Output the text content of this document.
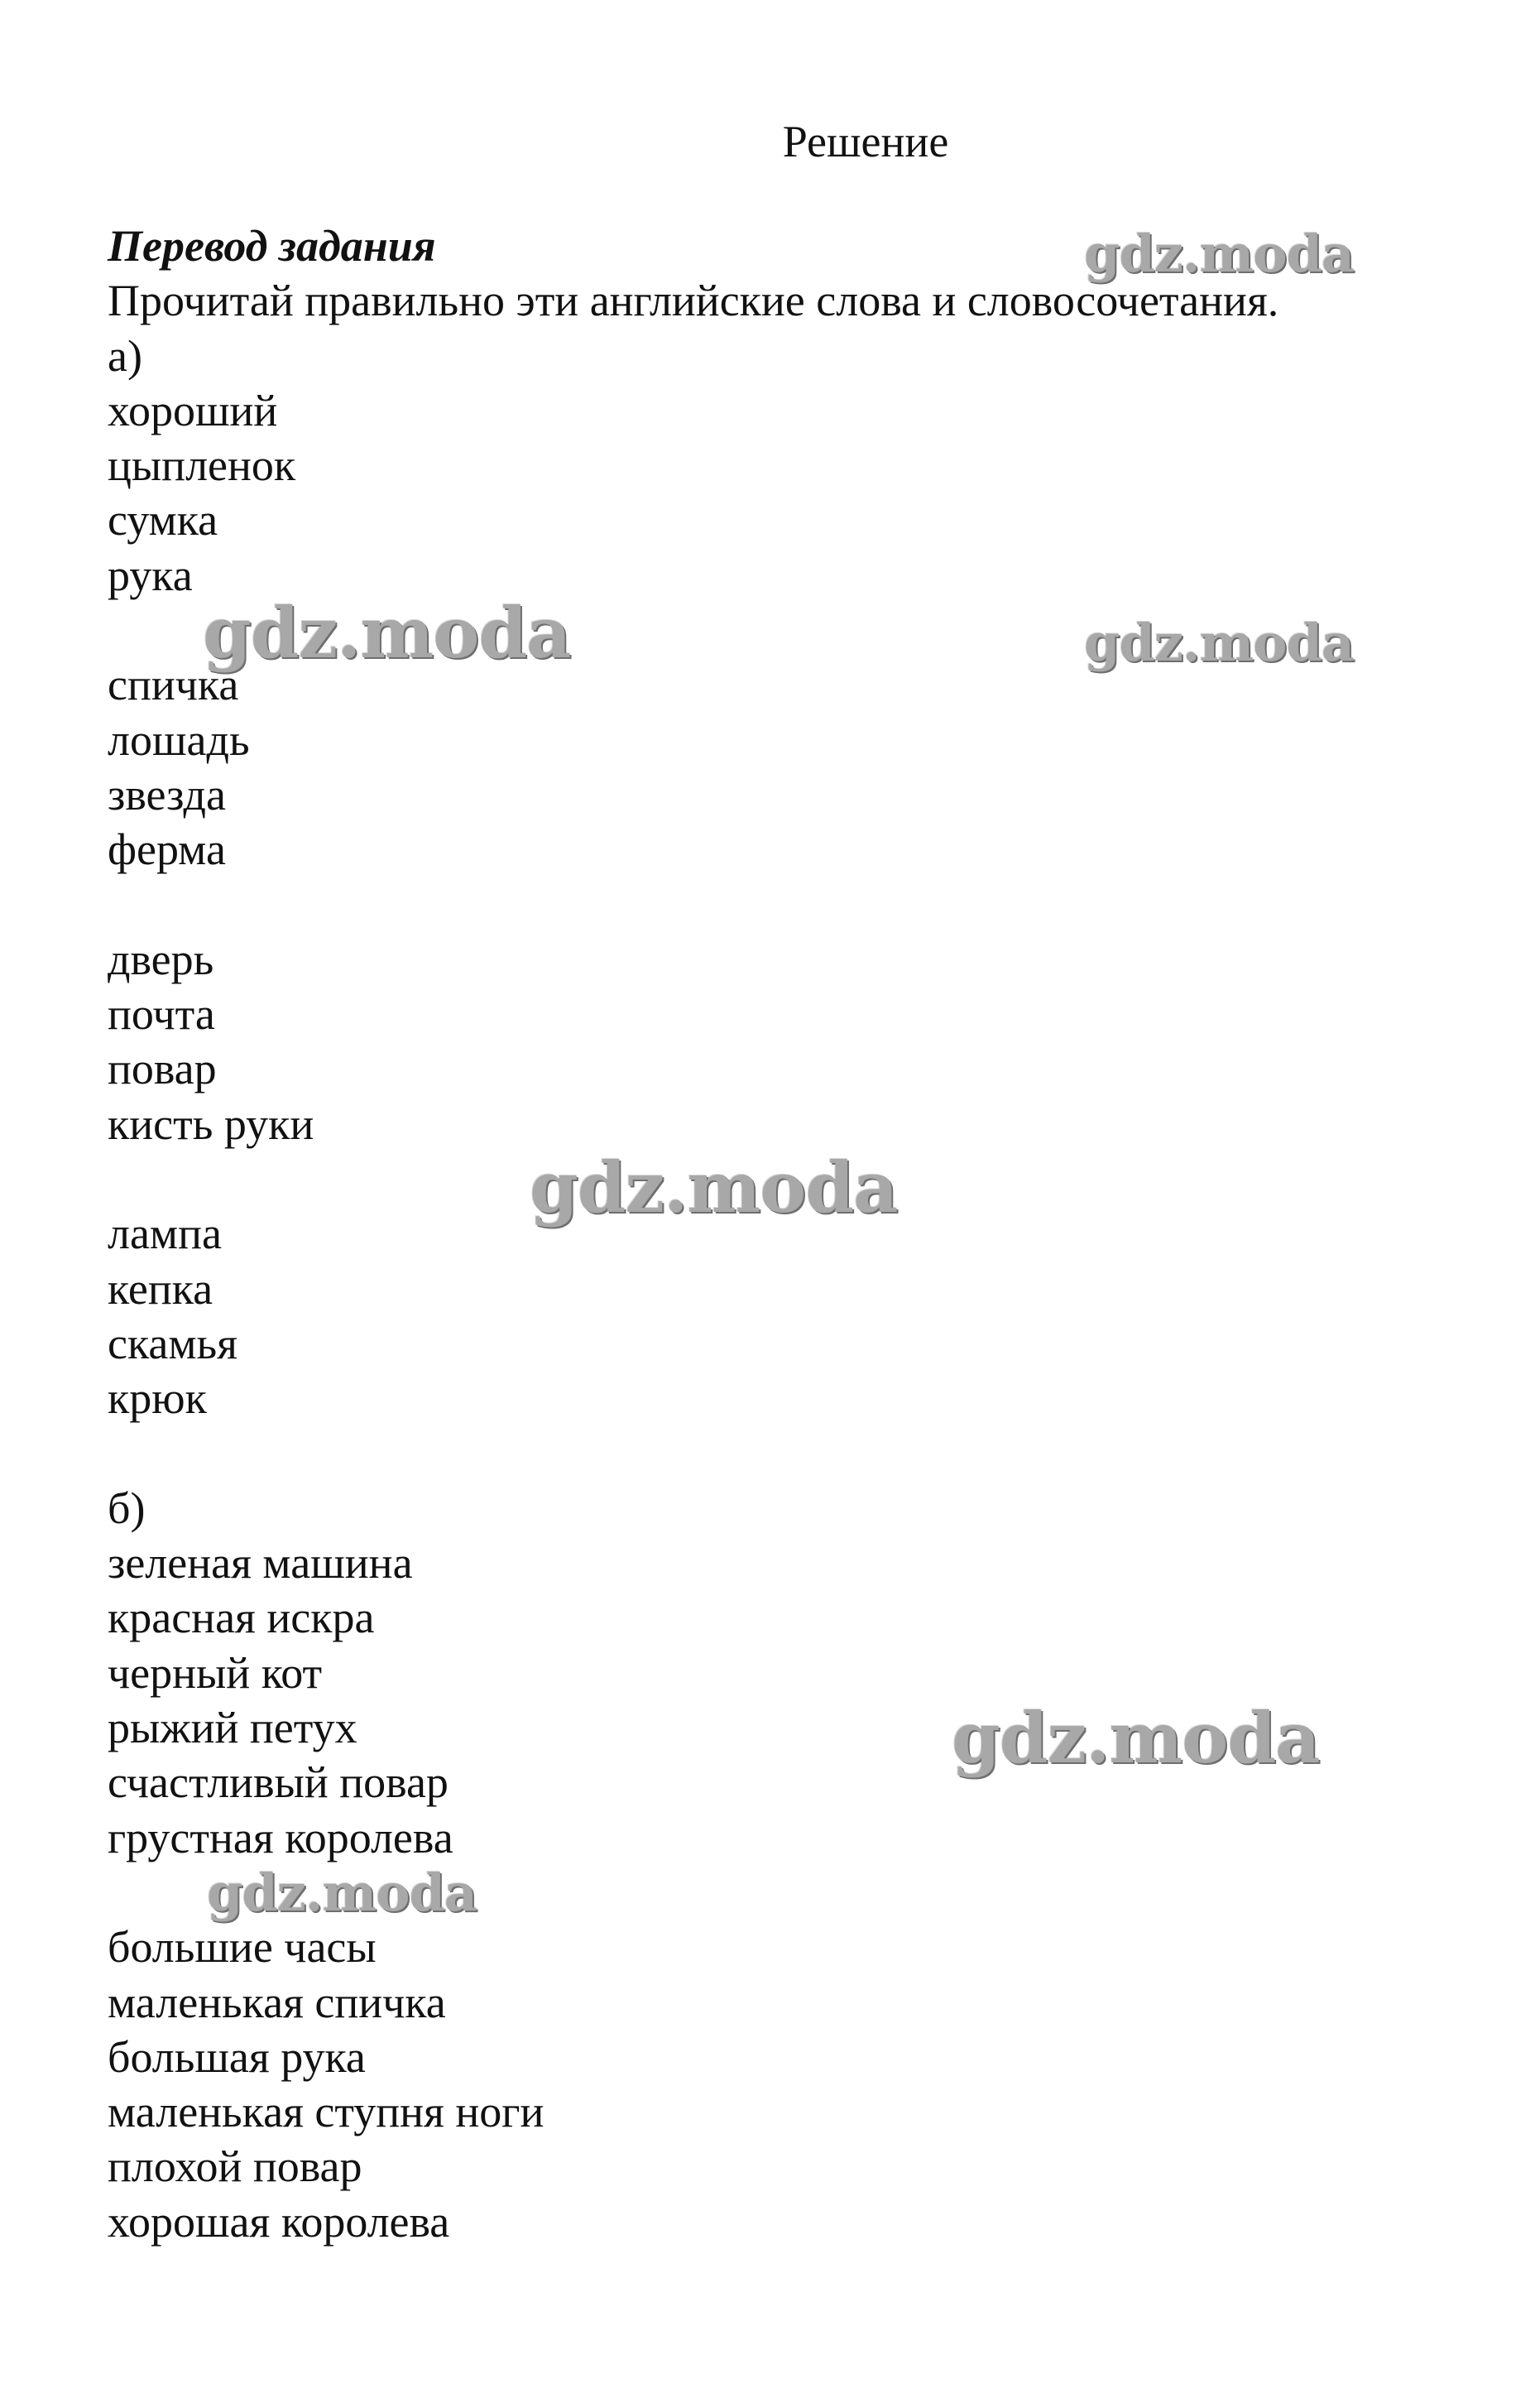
Решение
Перевод задания
Прочитай правильно эти английские слова и словосочетания.
а)
хороший
цыпленок
сумка
рука
спичка
лошадь
звезда
ферма
дверь
почта
повар
кисть руки
лампа
кепка
скамья
крюк
б)
зеленая машина
красная искра
черный кот
рыжий петух
счастливый повар
грустная королева
большие часы
маленькая спичка
большая рука
маленькая ступня ноги
плохой повар
хорошая королева
gdz.moda
gdz.moda	gdz.moda
gdz.moda
gdz.moda
gdz.moda
